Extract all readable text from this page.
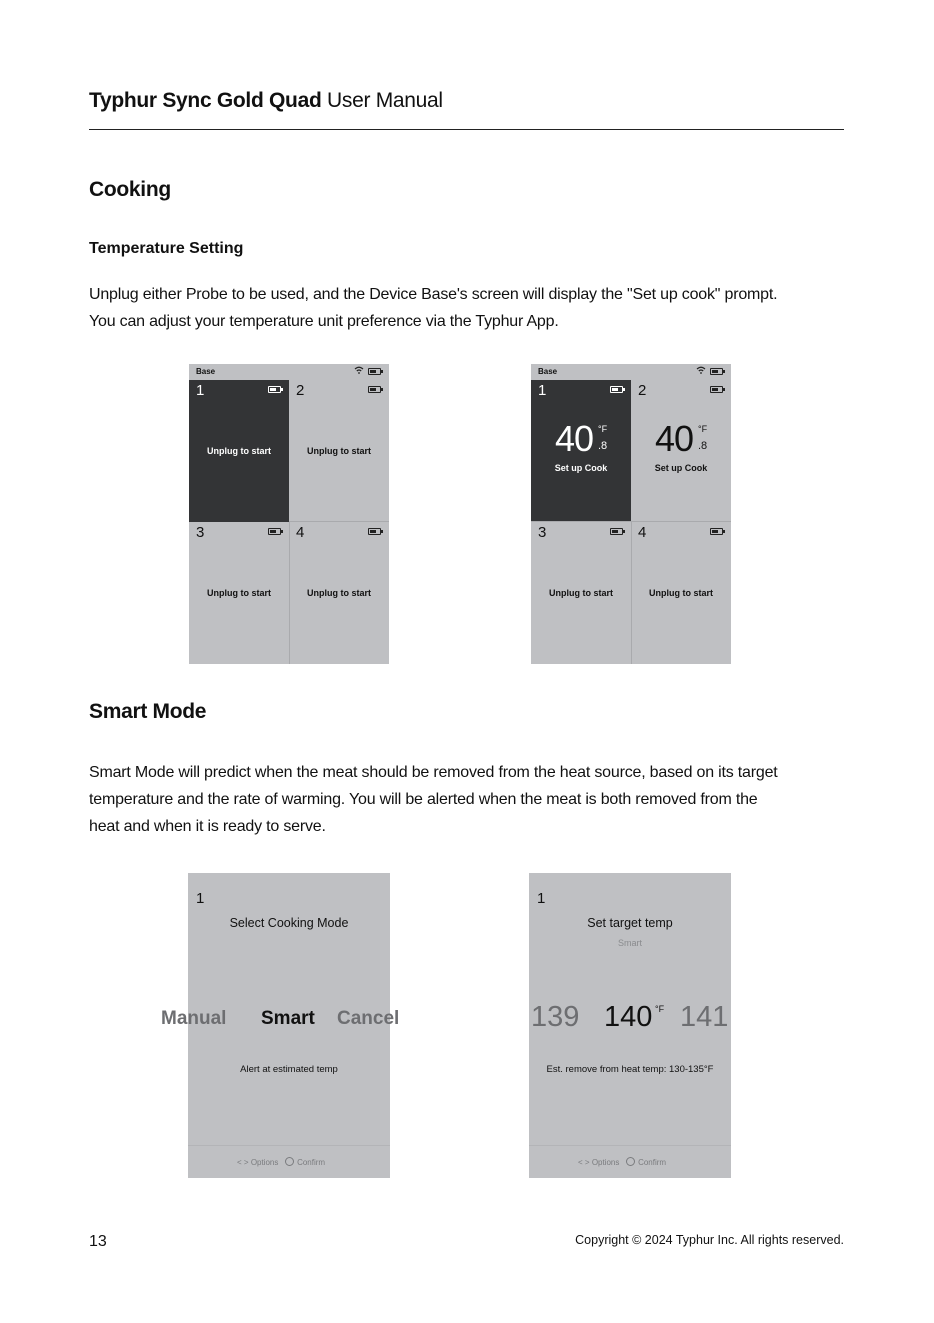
Typhur Sync Gold Quad User Manual
Cooking
Temperature Setting
Unplug either Probe to be used, and the Device Base's screen will display the "Set up cook" prompt.
You can adjust your temperature unit preference via the Typhur App.
Base
1
Unplug to start
2
Unplug to start
3
Unplug to start
4
Unplug to start
Base
1
40 °F
.8
Set up Cook
2
40 °F
.8
Set up Cook
3
Unplug to start
4
Unplug to start
Smart Mode
Smart Mode will predict when the meat should be removed from the heat source, based on its target
temperature and the rate of warming. You will be alerted when the meat is both removed from the
heat and when it is ready to serve.
1
Select Cooking Mode
Manual Smart Cancel
Alert at estimated temp
< > Options Confirm
1
Set target temp
Smart
139 140 °F 141
Est. remove from heat temp: 130-135°F
< > Options Confirm
13	Copyright © 2024 Typhur Inc. All rights reserved.
